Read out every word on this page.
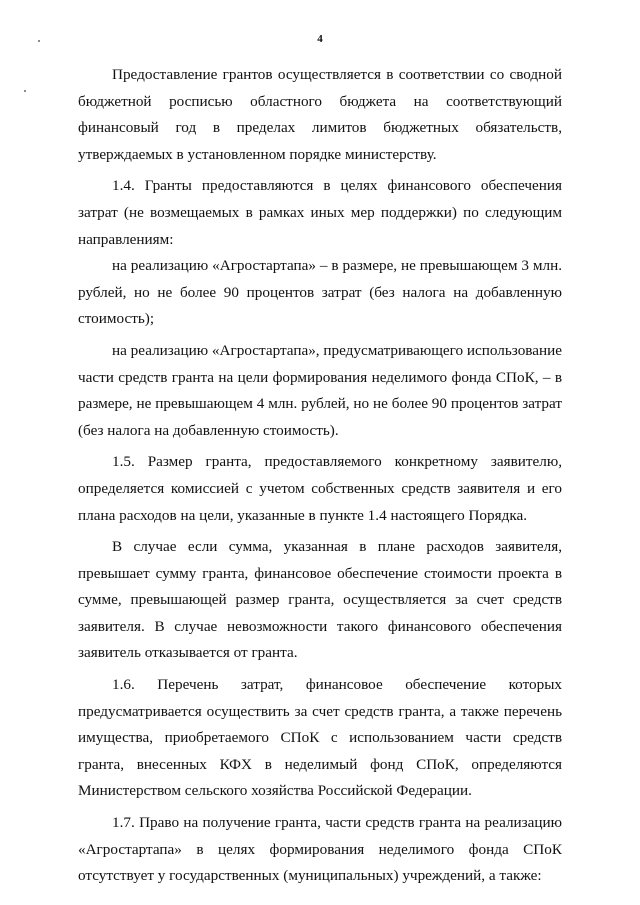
4

Предоставление грантов осуществляется в соответствии со сводной бюджетной росписью областного бюджета на соответствующий финансовый год в пределах лимитов бюджетных обязательств, утверждаемых в установленном порядке министерству.

1.4. Гранты предоставляются в целях финансового обеспечения затрат (не возмещаемых в рамках иных мер поддержки) по следующим направлениям:

на реализацию «Агростартапа» – в размере, не превышающем 3 млн. рублей, но не более 90 процентов затрат (без налога на добавленную стоимость);

на реализацию «Агростартапа», предусматривающего использование части средств гранта на цели формирования неделимого фонда СПоК, – в размере, не превышающем 4 млн. рублей, но не более 90 процентов затрат (без налога на добавленную стоимость).

1.5. Размер гранта, предоставляемого конкретному заявителю, определяется комиссией с учетом собственных средств заявителя и его плана расходов на цели, указанные в пункте 1.4 настоящего Порядка.

В случае если сумма, указанная в плане расходов заявителя, превышает сумму гранта, финансовое обеспечение стоимости проекта в сумме, превышающей размер гранта, осуществляется за счет средств заявителя. В случае невозможности такого финансового обеспечения заявитель отказывается от гранта.

1.6. Перечень затрат, финансовое обеспечение которых предусматривается осуществить за счет средств гранта, а также перечень имущества, приобретаемого СПоК с использованием части средств гранта, внесенных КФХ в неделимый фонд СПоК, определяются Министерством сельского хозяйства Российской Федерации.

1.7. Право на получение гранта, части средств гранта на реализацию «Агростартапа» в целях формирования неделимого фонда СПоК отсутствует у государственных (муниципальных) учреждений, а также:
